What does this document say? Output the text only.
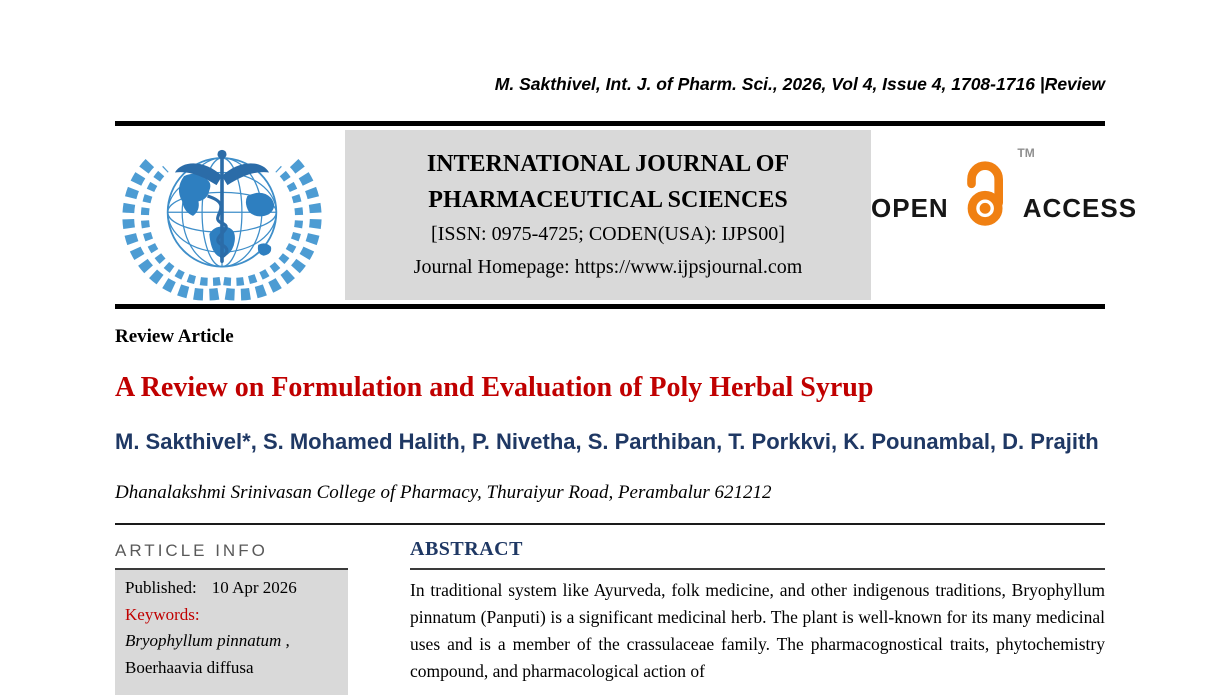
M. Sakthivel, Int. J. of Pharm. Sci., 2026, Vol 4, Issue 4, 1708-1716 |Review
INTERNATIONAL JOURNAL OF
PHARMACEUTICAL SCIENCES
[ISSN: 0975-4725; CODEN(USA): IJPS00]
Journal Homepage: https://www.ijpsjournal.com
OPEN
TM
ACCESS
Review Article
A Review on Formulation and Evaluation of Poly Herbal Syrup
M. Sakthivel*, S. Mohamed Halith, P. Nivetha, S. Parthiban, T. Porkkvi, K. Pounambal, D. Prajith
Dhanalakshmi Srinivasan College of Pharmacy, Thuraiyur Road, Perambalur 621212
ARTICLE INFO
Published: 10 Apr 2026
Keywords:
Bryophyllum pinnatum ,
Boerhaavia diffusa
ABSTRACT

In traditional system like Ayurveda, folk medicine, and other indigenous traditions, Bryophyllum pinnatum (Panputi) is a significant medicinal herb. The plant is well-known for its many medicinal uses and is a member of the crassulaceae family. The pharmacognostical traits, phytochemistry compound, and pharmacological action of
